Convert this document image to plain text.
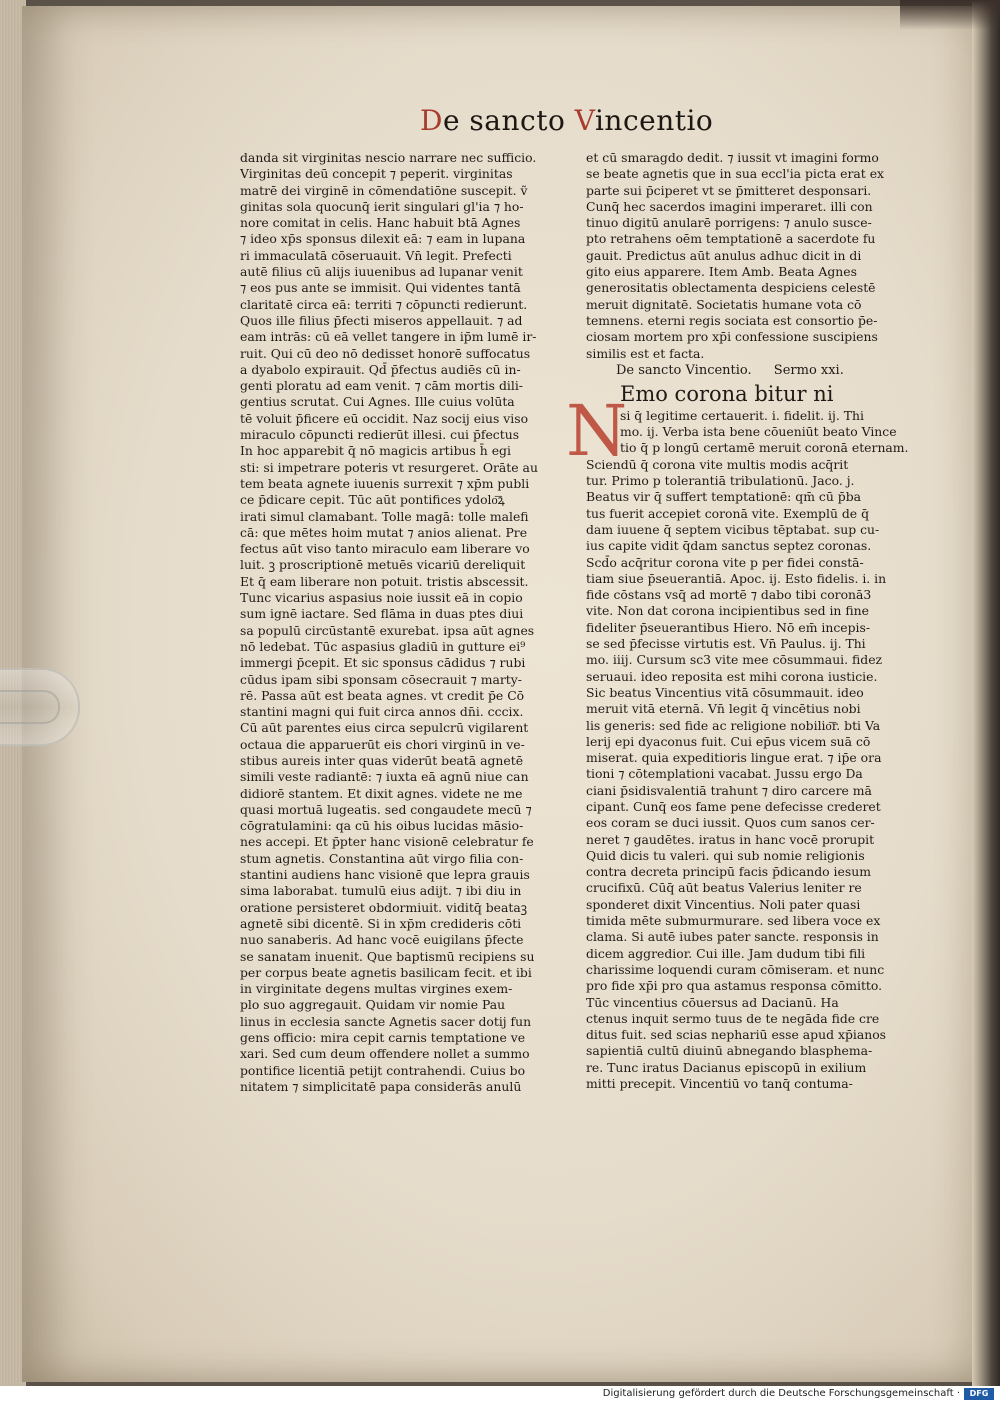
De sancto Vincentio
danda sit virginitas nescio narrare nec sufficio.
Virginitas deū concepit ⁊ peperit. virginitas
matrē dei virginē in cōmendatiōne suscepit. ṽ
ginitas sola quocunq̄ ierit singulari gl'ia ⁊ ho-
nore comitat in celis. Hanc habuit btā Agnes
⁊ ideo xp̄s sponsus dilexit eā: ⁊ eam in lupana
ri immaculatā cōseruauit. Vn̄ legit. Prefecti
autē filius cū alijs iuuenibus ad lupanar venit
⁊ eos pus ante se immisit. Qui videntes tantā
claritatē circa eā: territi ⁊ cōpuncti redierunt.
Quos ille filius p̄fecti miseros appellauit. ⁊ ad
eam intrās: cū eā vellet tangere in ip̄m lumē ir-
ruit. Qui cū deo nō dedisset honorē suffocatus
a dyabolo expirauit. Qd̄ p̄fectus audiēs cū in-
genti ploratu ad eam venit. ⁊ cām mortis dili-
gentius scrutat. Cui Agnes. Ille cuius volūta
tē voluit p̄ficere eū occidit. Naz socij eius viso
miraculo cōpuncti redierūt illesi. cui p̄fectus
In hoc apparebit q̄ nō magicis artibus h̄ egi
sti: si impetrare poteris vt resurgeret. Orāte au
tem beata agnete iuuenis surrexit ⁊ xp̄m publi
ce p̄dicare cepit. Tūc aūt pontifices ydolo͞ꝝ
irati simul clamabant. Tolle magā: tolle malefi
cā: que mētes hoim mutat ⁊ anios alienat. Pre
fectus aūt viso tanto miraculo eam liberare vo
luit. ꝫ proscriptionē metuēs vicariū dereliquit
Et q̄ eam liberare non potuit. tristis abscessit.
Tunc vicarius aspasius noie iussit eā in copio
sum ignē iactare. Sed flāma in duas ptes diui
sa populū circūstantē exurebat. ipsa aūt agnes
nō ledebat. Tūc aspasius gladiū in gutture ei⁹
immergi p̄cepit. Et sic sponsus cādidus ⁊ rubi
cūdus ipam sibi sponsam cōsecrauit ⁊ marty-
rē. Passa aūt est beata agnes. vt credit p̄e Cō
stantini magni qui fuit circa annos dn̄i. cccix.
Cū aūt parentes eius circa sepulcrū vigilarent
octaua die apparuerūt eis chori virginū in ve-
stibus aureis inter quas viderūt beatā agnetē
simili veste radiantē: ⁊ iuxta eā agnū niue can
didiorē stantem. Et dixit agnes. videte ne me
quasi mortuā lugeatis. sed congaudete mecū ⁊
cōgratulamini: qa cū his oibus lucidas māsio-
nes accepi. Et p̄pter hanc visionē celebratur fe
stum agnetis. Constantina aūt virgo filia con-
stantini audiens hanc visionē que lepra grauis
sima laborabat. tumulū eius adijt. ⁊ ibi diu in
oratione persisteret obdormiuit. viditq̄ beataꝫ
agnetē sibi dicentē. Si in xp̄m credideris cōti
nuo sanaberis. Ad hanc vocē euigilans p̄fecte
se sanatam inuenit. Que baptismū recipiens su
per corpus beate agnetis basilicam fecit. et ibi
in virginitate degens multas virgines exem-
plo suo aggregauit. Quidam vir nomie Pau
linus in ecclesia sancte Agnetis sacer dotij fun
gens officio: mira cepit carnis temptatione ve
xari. Sed cum deum offendere nollet a summo
pontifice licentiā petijt contrahendi. Cuius bo
nitatem ⁊ simplicitatē papa considerās anulū
et cū smaragdo dedit. ⁊ iussit vt imagini formo
se beate agnetis que in sua eccl'ia picta erat ex
parte sui p̄ciperet vt se p̄mitteret desponsari.
Cunq̄ hec sacerdos imagini imperaret. illi con
tinuo digitū anularē porrigens: ⁊ anulo susce-
pto retrahens oēm temptationē a sacerdote fu
gauit. Predictus aūt anulus adhuc dicit in di
gito eius apparere. Item Amb. Beata Agnes
generositatis oblectamenta despiciens celestē
meruit dignitatē. Societatis humane vota cō
temnens. eterni regis sociata est consortio p̄e-
ciosam mortem pro xp̄i confessione suscipiens
similis est et facta.
De sancto Vincentio. Sermo xxi.
Emo corona bitur ni
si q̄ legitime certauerit. i. fidelit. ij. Thi
mo. ij. Verba ista bene cōueniūt beato Vince
tio q̄ p longū certamē meruit coronā eternam.
Sciendū q̄ corona vite multis modis acq̄rit
tur. Primo p tolerantiā tribulationū. Jaco. j.
Beatus vir q̄ suffert temptationē: qm̄ cū p̄ba
tus fuerit accepiet coronā vite. Exemplū de q̄
dam iuuene q̄ septem vicibus tēptabat. sup cu-
ius capite vidit q̄dam sanctus septez coronas.
Scd̄o acq̄ritur corona vite p per fidei constā-
tiam siue p̄seuerantiā. Apoc. ij. Esto fidelis. i. in
fide cōstans vsq̄ ad mortē ⁊ dabo tibi coronā3
vite. Non dat corona incipientibus sed in fine
fideliter p̄seuerantibus Hiero. Nō em̄ incepis-
se sed p̄fecisse virtutis est. Vn̄ Paulus. ij. Thi
mo. iiij. Cursum sc3 vite mee cōsummaui. fidez
seruaui. ideo reposita est mihi corona iusticie.
Sic beatus Vincentius vitā cōsummauit. ideo
meruit vitā eternā. Vn̄ legit q̄ vincētius nobi
lis generis: sed fide ac religione nobilio͞r. bti Va
lerij epi dyaconus fuit. Cui ep̄us vicem suā cō
miserat. quia expeditioris lingue erat. ⁊ ip̄e ora
tioni ⁊ cōtemplationi vacabat. Jussu ergo Da
ciani p̄sidisvalentiā trahunt ⁊ diro carcere mā
cipant. Cunq̄ eos fame pene defecisse crederet
eos coram se duci iussit. Quos cum sanos cer-
neret ⁊ gaudētes. iratus in hanc vocē prorupit
Quid dicis tu valeri. qui sub nomie religionis
contra decreta principū facis p̄dicando iesum
crucifixū. Cūq̄ aūt beatus Valerius leniter re
sponderet dixit Vincentius. Noli pater quasi
timida mēte submurmurare. sed libera voce ex
clama. Si autē iubes pater sancte. responsis in
dicem aggredior. Cui ille. Jam dudum tibi fili
charissime loquendi curam cōmiseram. et nunc
pro fide xp̄i pro qua astamus responsa cōmitto.
Tūc vincentius cōuersus ad Dacianū. Ha
ctenus inquit sermo tuus de te negāda fide cre
ditus fuit. sed scias nephariū esse apud xp̄ianos
sapientiā cultū diuinū abnegando blasphema-
re. Tunc iratus Dacianus episcopū in exilium
mitti precepit. Vincentiū vo tanq̄ contuma-
N
Digitalisierung gefördert durch die Deutsche Forschungsgemeinschaft ·	DFG
